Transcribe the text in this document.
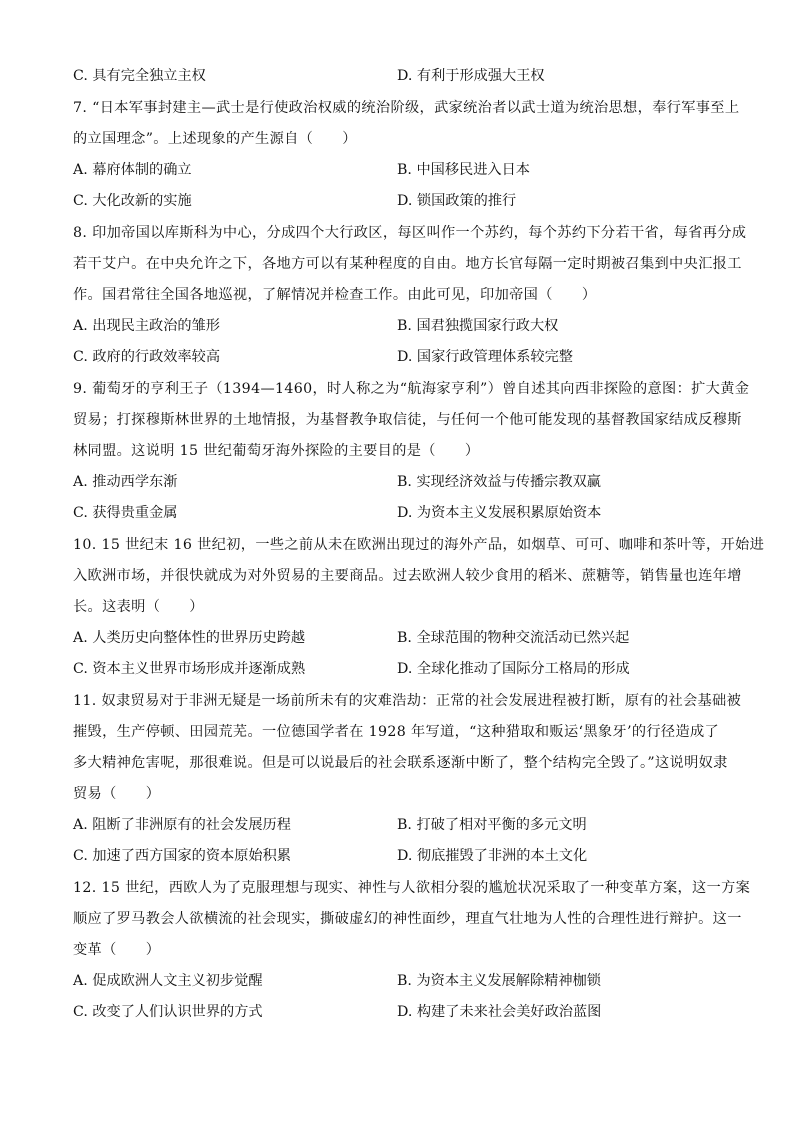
C. 具有完全独立主权	D. 有利于形成强大王权
7. “日本军事封建主—武士是行使政治权威的统治阶级，武家统治者以武士道为统治思想，奉行军事至上
的立国理念”。上述现象的产生源自（　　）
A. 幕府体制的确立	B. 中国移民进入日本
C. 大化改新的实施	D. 锁国政策的推行
8. 印加帝国以库斯科为中心，分成四个大行政区，每区叫作一个苏约，每个苏约下分若干省，每省再分成
若干艾户。在中央允许之下，各地方可以有某种程度的自由。地方长官每隔一定时期被召集到中央汇报工
作。国君常往全国各地巡视，了解情况并检查工作。由此可见，印加帝国（　　）
A. 出现民主政治的雏形	B. 国君独揽国家行政大权
C. 政府的行政效率较高	D. 国家行政管理体系较完整
9. 葡萄牙的亨利王子（1394—1460，时人称之为“航海家亨利”）曾自述其向西非探险的意图：扩大黄金
贸易；打探穆斯林世界的土地情报，为基督教争取信徒，与任何一个他可能发现的基督教国家结成反穆斯
林同盟。这说明 15 世纪葡萄牙海外探险的主要目的是（　　）
A. 推动西学东渐	B. 实现经济效益与传播宗教双赢
C. 获得贵重金属	D. 为资本主义发展积累原始资本
10. 15 世纪末 16 世纪初，一些之前从未在欧洲出现过的海外产品，如烟草、可可、咖啡和茶叶等，开始进
入欧洲市场，并很快就成为对外贸易的主要商品。过去欧洲人较少食用的稻米、蔗糖等，销售量也连年增
长。这表明（　　）
A. 人类历史向整体性的世界历史跨越	B. 全球范围的物种交流活动已然兴起
C. 资本主义世界市场形成并逐渐成熟	D. 全球化推动了国际分工格局的形成
11. 奴隶贸易对于非洲无疑是一场前所未有的灾难浩劫：正常的社会发展进程被打断，原有的社会基础被
摧毁，生产停顿、田园荒芜。一位德国学者在 1928 年写道，“这种猎取和贩运‘黑象牙’的行径造成了
多大精神危害呢，那很难说。但是可以说最后的社会联系逐渐中断了，整个结构完全毁了。”这说明奴隶
贸易（　　）
A. 阻断了非洲原有的社会发展历程	B. 打破了相对平衡的多元文明
C. 加速了西方国家的资本原始积累	D. 彻底摧毁了非洲的本土文化
12. 15 世纪，西欧人为了克服理想与现实、神性与人欲相分裂的尴尬状况采取了一种变革方案，这一方案
顺应了罗马教会人欲横流的社会现实，撕破虚幻的神性面纱，理直气壮地为人性的合理性进行辩护。这一
变革（　　）
A. 促成欧洲人文主义初步觉醒	B. 为资本主义发展解除精神枷锁
C. 改变了人们认识世界的方式	D. 构建了未来社会美好政治蓝图
